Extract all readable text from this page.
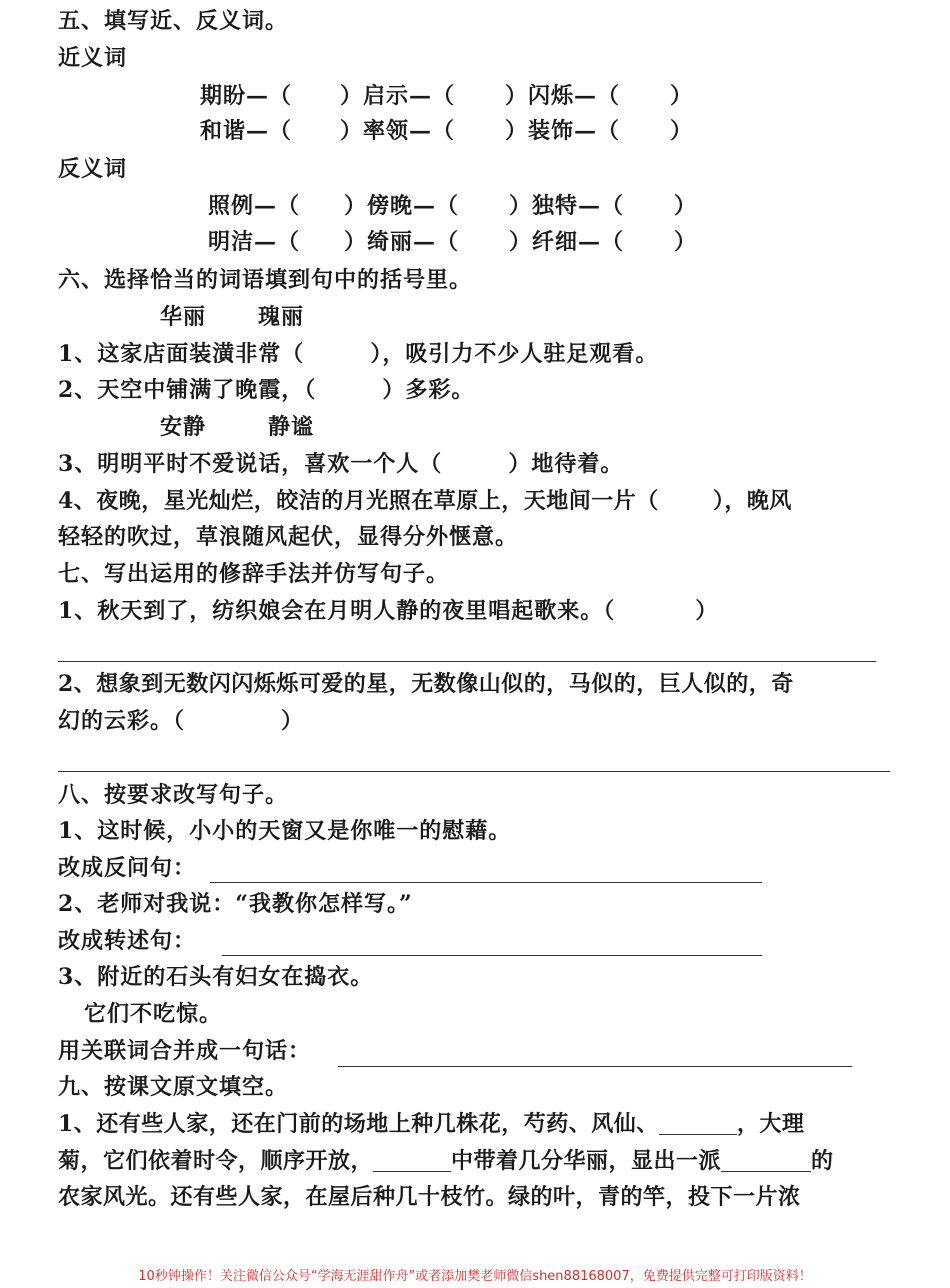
五、填写近、反义词。
近义词
期盼—（ ）启示—（ ）闪烁—（ ）
和谐—（ ）率领—（ ）装饰—（ ）
反义词
照例—（ ）傍晚—（ ）独特—（ ）
明洁—（ ）绮丽—（ ）纤细—（ ）
六、选择恰当的词语填到句中的括号里。
华丽 瑰丽
1、这家店面装潢非常（	），吸引力不少人驻足观看。
2、天空中铺满了晚霞，（	）多彩。
安静	静谧
3、明明平时不爱说话，喜欢一个人（	）地待着。
4、夜晚，星光灿烂，皎洁的月光照在草原上，天地间一片（ ），晚风
轻轻的吹过，草浪随风起伏，显得分外惬意。
七、写出运用的修辞手法并仿写句子。
1、秋天到了，纺织娘会在月明人静的夜里唱起歌来。（	）
2、想象到无数闪闪烁烁可爱的星，无数像山似的，马似的，巨人似的，奇
幻的云彩。（	）
八、按要求改写句子。
1、这时候，小小的天窗又是你唯一的慰藉。
改成反问句：
2、老师对我说：“我教你怎样写。”
改成转述句：
3、附近的石头有妇女在捣衣。
它们不吃惊。
用关联词合并成一句话：
九、按课文原文填空。
1、还有些人家，还在门前的场地上种几株花，芍药、风仙、	，大理
菊，它们依着时令，顺序开放，	中带着几分华丽，显出一派	的
农家风光。还有些人家，在屋后种几十枝竹。绿的叶，青的竿，投下一片浓
10秒钟操作！关注微信公众号“学海无涯甜作舟”或者添加樊老师微信shen88168007，免费提供完整可打印版资料！
